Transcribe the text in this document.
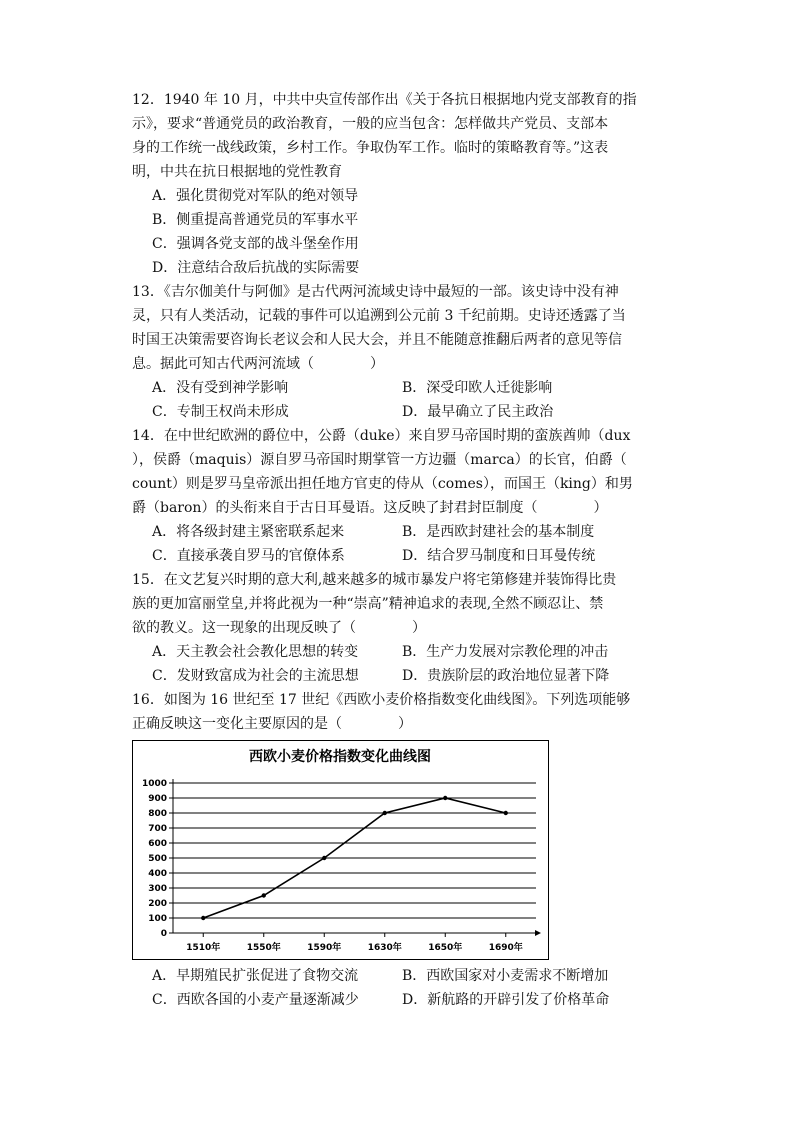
12．1940 年 10 月，中共中央宣传部作出《关于各抗日根据地内党支部教育的指
示》，要求“普通党员的政治教育，一般的应当包含：怎样做共产党员、支部本
身的工作统一战线政策，乡村工作。争取伪军工作。临时的策略教育等。”这表
明，中共在抗日根据地的党性教育
A．强化贯彻党对军队的绝对领导
B．侧重提高普通党员的军事水平
C．强调各党支部的战斗堡垒作用
D．注意结合敌后抗战的实际需要
13．《吉尔伽美什与阿伽》是古代两河流域史诗中最短的一部。该史诗中没有神
灵，只有人类活动，记载的事件可以追溯到公元前 3 千纪前期。史诗还透露了当
时国王决策需要咨询长老议会和人民大会，并且不能随意推翻后两者的意见等信
息。据此可知古代两河流域（　　　　）
A．没有受到神学影响	B．深受印欧人迁徙影响
C．专制王权尚未形成	D．最早确立了民主政治
14．在中世纪欧洲的爵位中，公爵（duke）来自罗马帝国时期的蛮族酋帅（dux
），侯爵（maquis）源自罗马帝国时期掌管一方边疆（marca）的长官，伯爵（
count）则是罗马皇帝派出担任地方官吏的侍从（comes），而国王（king）和男
爵（baron）的头衔来自于古日耳曼语。这反映了封君封臣制度（　　　　）
A．将各级封建主紧密联系起来	B．是西欧封建社会的基本制度
C．直接承袭自罗马的官僚体系	D．结合罗马制度和日耳曼传统
15．在文艺复兴时期的意大利,越来越多的城市暴发户将宅第修建并装饰得比贵
族的更加富丽堂皇,并将此视为一种“崇高”精神追求的表现,全然不顾忍让、禁
欲的教义。这一现象的出现反映了（　　　　）
A．天主教会社会教化思想的转变	B．生产力发展对宗教伦理的冲击
C．发财致富成为社会的主流思想	D．贵族阶层的政治地位显著下降
16．如图为 16 世纪至 17 世纪《西欧小麦价格指数变化曲线图》。下列选项能够
正确反映这一变化主要原因的是（　　　　）
西欧小麦价格指数变化曲线图
0
100
200
300
400
500
600
700
800
900
1000
1510年	1550年	1590年	1630年	1650年	1690年
A．早期殖民扩张促进了食物交流	B．西欧国家对小麦需求不断增加
C．西欧各国的小麦产量逐渐减少	D．新航路的开辟引发了价格革命
